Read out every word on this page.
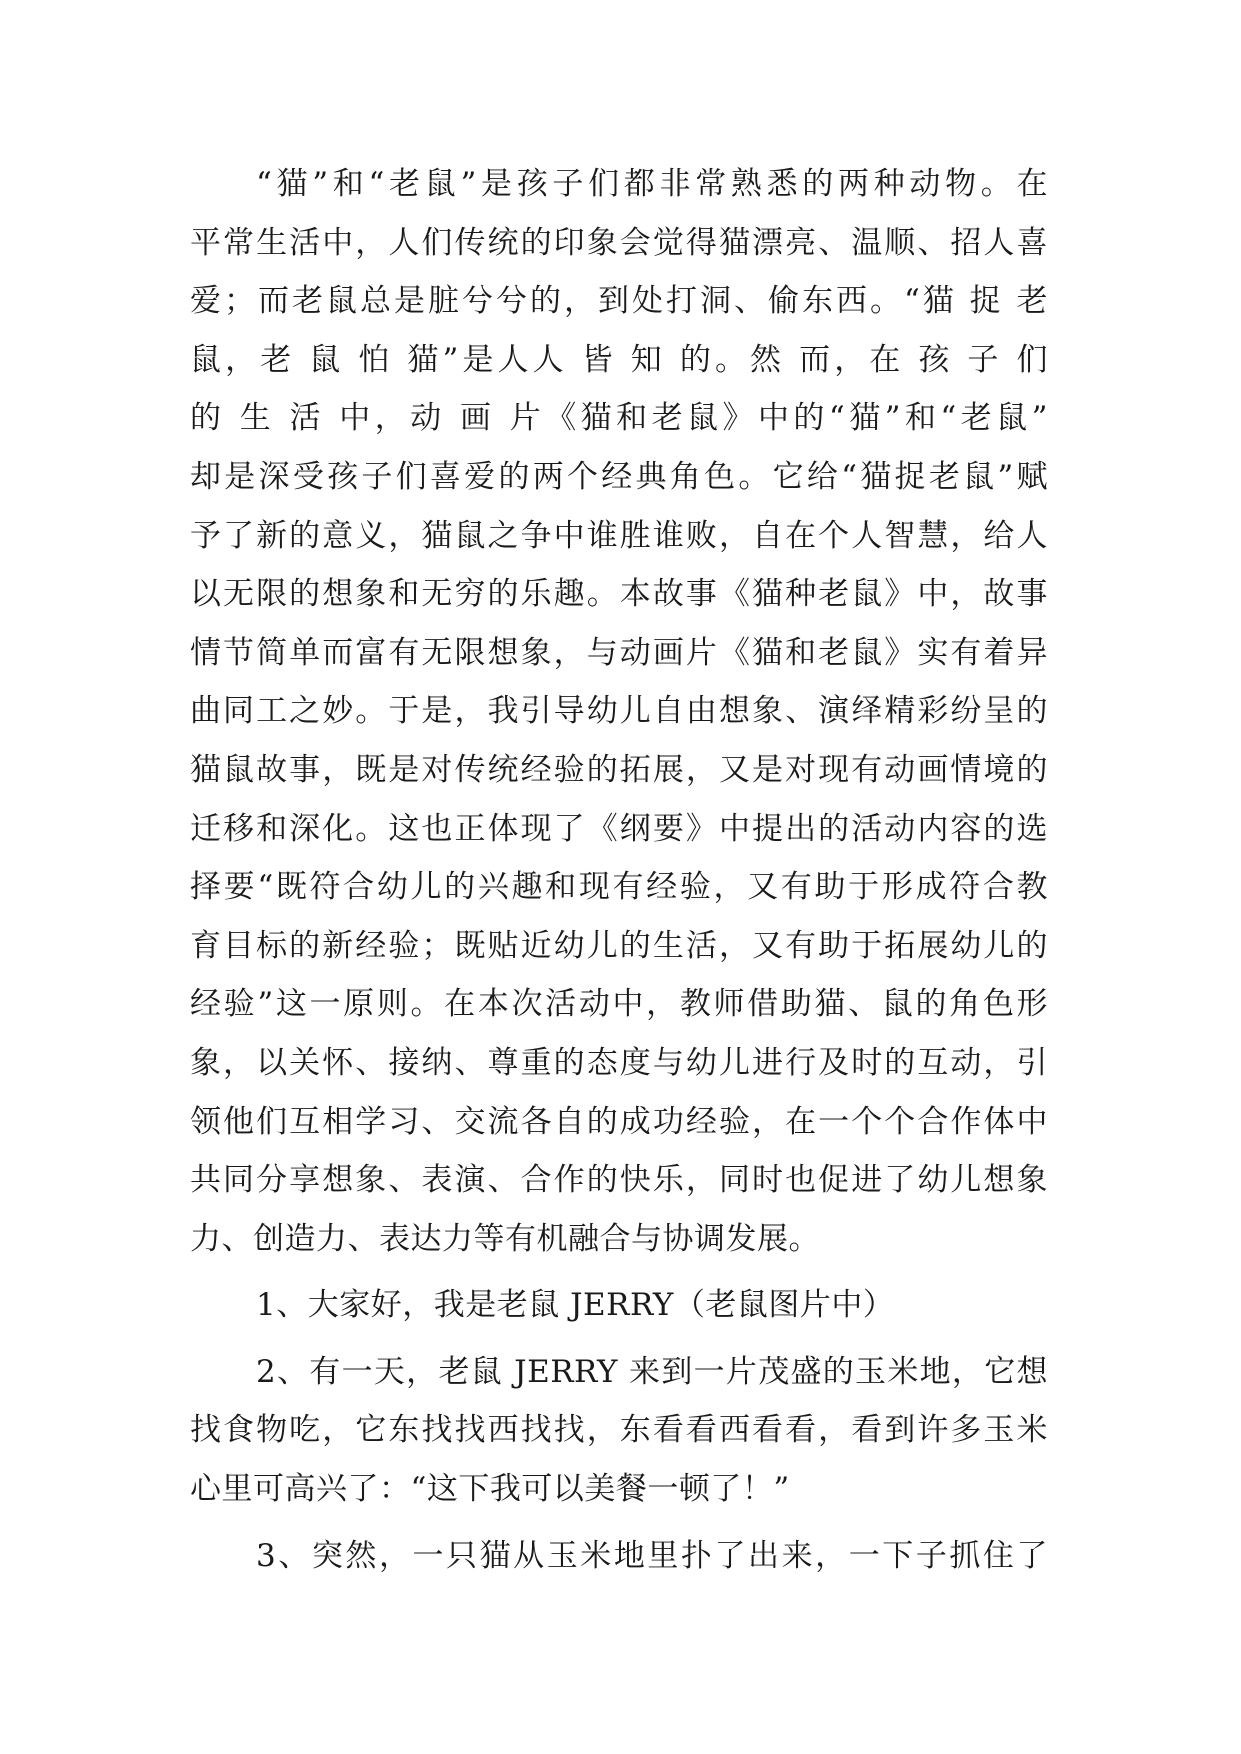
“猫”和“老鼠”是孩子们都非常熟悉的两种动物。在
平常生活中，人们传统的印象会觉得猫漂亮、温顺、招人喜
爱；而老鼠总是脏兮兮的，到处打洞、偷东西。“猫 捉 老
鼠，老 鼠 怕 猫”是人人 皆 知 的。然 而，在 孩 子 们
的 生 活 中，动 画 片《猫和老鼠》中的“猫”和“老鼠”
却是深受孩子们喜爱的两个经典角色。它给“猫捉老鼠”赋
予了新的意义，猫鼠之争中谁胜谁败，自在个人智慧，给人
以无限的想象和无穷的乐趣。本故事《猫种老鼠》中，故事
情节简单而富有无限想象，与动画片《猫和老鼠》实有着异
曲同工之妙。于是，我引导幼儿自由想象、演绎精彩纷呈的
猫鼠故事，既是对传统经验的拓展，又是对现有动画情境的
迁移和深化。这也正体现了《纲要》中提出的活动内容的选
择要“既符合幼儿的兴趣和现有经验，又有助于形成符合教
育目标的新经验；既贴近幼儿的生活，又有助于拓展幼儿的
经验”这一原则。在本次活动中，教师借助猫、鼠的角色形
象，以关怀、接纳、尊重的态度与幼儿进行及时的互动，引
领他们互相学习、交流各自的成功经验，在一个个合作体中
共同分享想象、表演、合作的快乐，同时也促进了幼儿想象
力、创造力、表达力等有机融合与协调发展。
1、大家好，我是老鼠 JERRY（老鼠图片中）
2、有一天，老鼠 JERRY 来到一片茂盛的玉米地，它想
找食物吃，它东找找西找找，东看看西看看，看到许多玉米
心里可高兴了：“这下我可以美餐一顿了！”
3、突然，一只猫从玉米地里扑了出来，一下子抓住了
